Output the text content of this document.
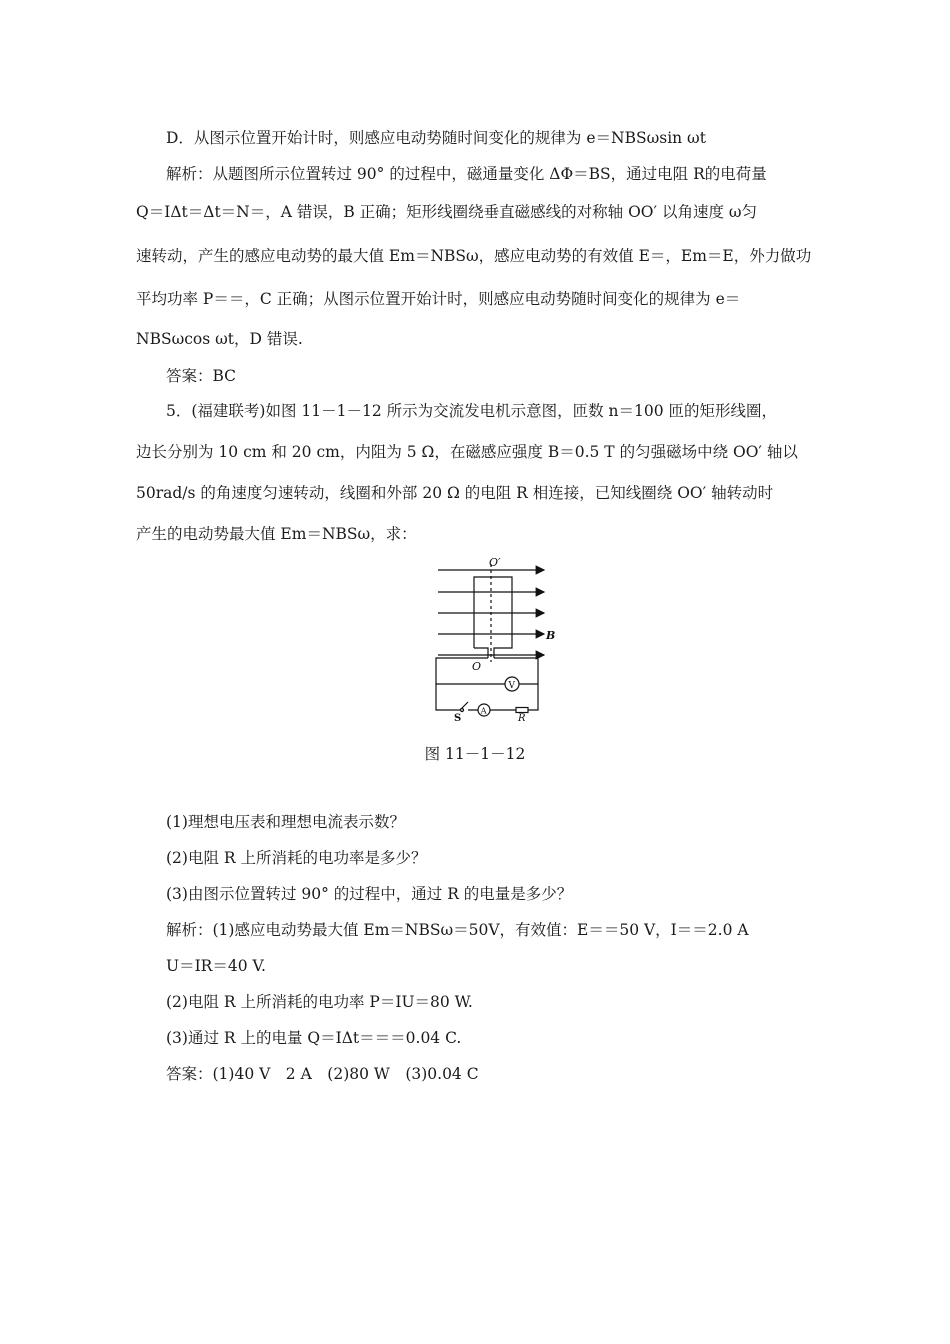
D．从图示位置开始计时，则感应电动势随时间变化的规律为 e＝NBSωsin ωt
解析：从题图所示位置转过 90° 的过程中，磁通量变化 ΔΦ＝BS，通过电阻 R的电荷量
Q＝IΔt＝Δt＝N＝，A 错误，B 正确；矩形线圈绕垂直磁感线的对称轴 OO′ 以角速度 ω匀
速转动，产生的感应电动势的最大值 Em＝NBSω，感应电动势的有效值 E＝，Em＝E，外力做功
平均功率 P＝＝，C 正确；从图示位置开始计时，则感应电动势随时间变化的规律为 e＝
NBSωcos ωt，D 错误.
答案：BC
5．(福建联考)如图 11－1－12 所示为交流发电机示意图，匝数 n＝100 匝的矩形线圈，
边长分别为 10 cm 和 20 cm，内阻为 5 Ω，在磁感应强度 B＝0.5 T 的匀强磁场中绕 OO′ 轴以
50rad/s 的角速度匀速转动，线圈和外部 20 Ω 的电阻 R 相连接，已知线圈绕 OO′ 轴转动时
产生的电动势最大值 Em＝NBSω，求：
O′
O
B
V
A
S	R
图 11－1－12
(1)理想电压表和理想电流表示数？
(2)电阻 R 上所消耗的电功率是多少？
(3)由图示位置转过 90° 的过程中，通过 R 的电量是多少？
解析：(1)感应电动势最大值 Em＝NBSω＝50V，有效值：E＝＝50 V，I＝＝2.0 A
U＝IR＝40 V.
(2)电阻 R 上所消耗的电功率 P＝IU＝80 W.
(3)通过 R 上的电量 Q＝IΔt＝＝＝0.04 C.
答案：(1)40 V　2 A　(2)80 W　(3)0.04 C
